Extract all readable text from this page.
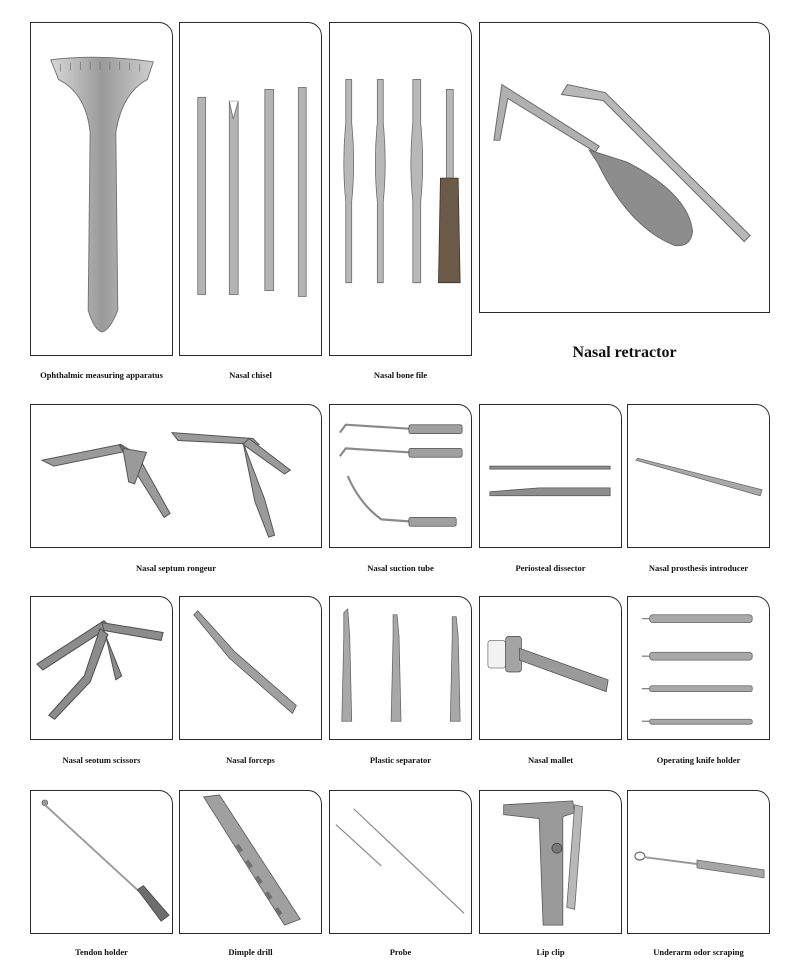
Ophthalmic measuring apparatus	Nasal chisel	Nasal bone file
Nasal retractor
Nasal septum rongeur	Nasal suction tube	Periosteal dissector	Nasal prosthesis introducer
Nasal seotum scissors	Nasal forceps	Plastic separator	Nasal mallet	Operating knife holder
Tendon holder	Dimple drill	Probe	Lip clip	Underarm odor scraping
